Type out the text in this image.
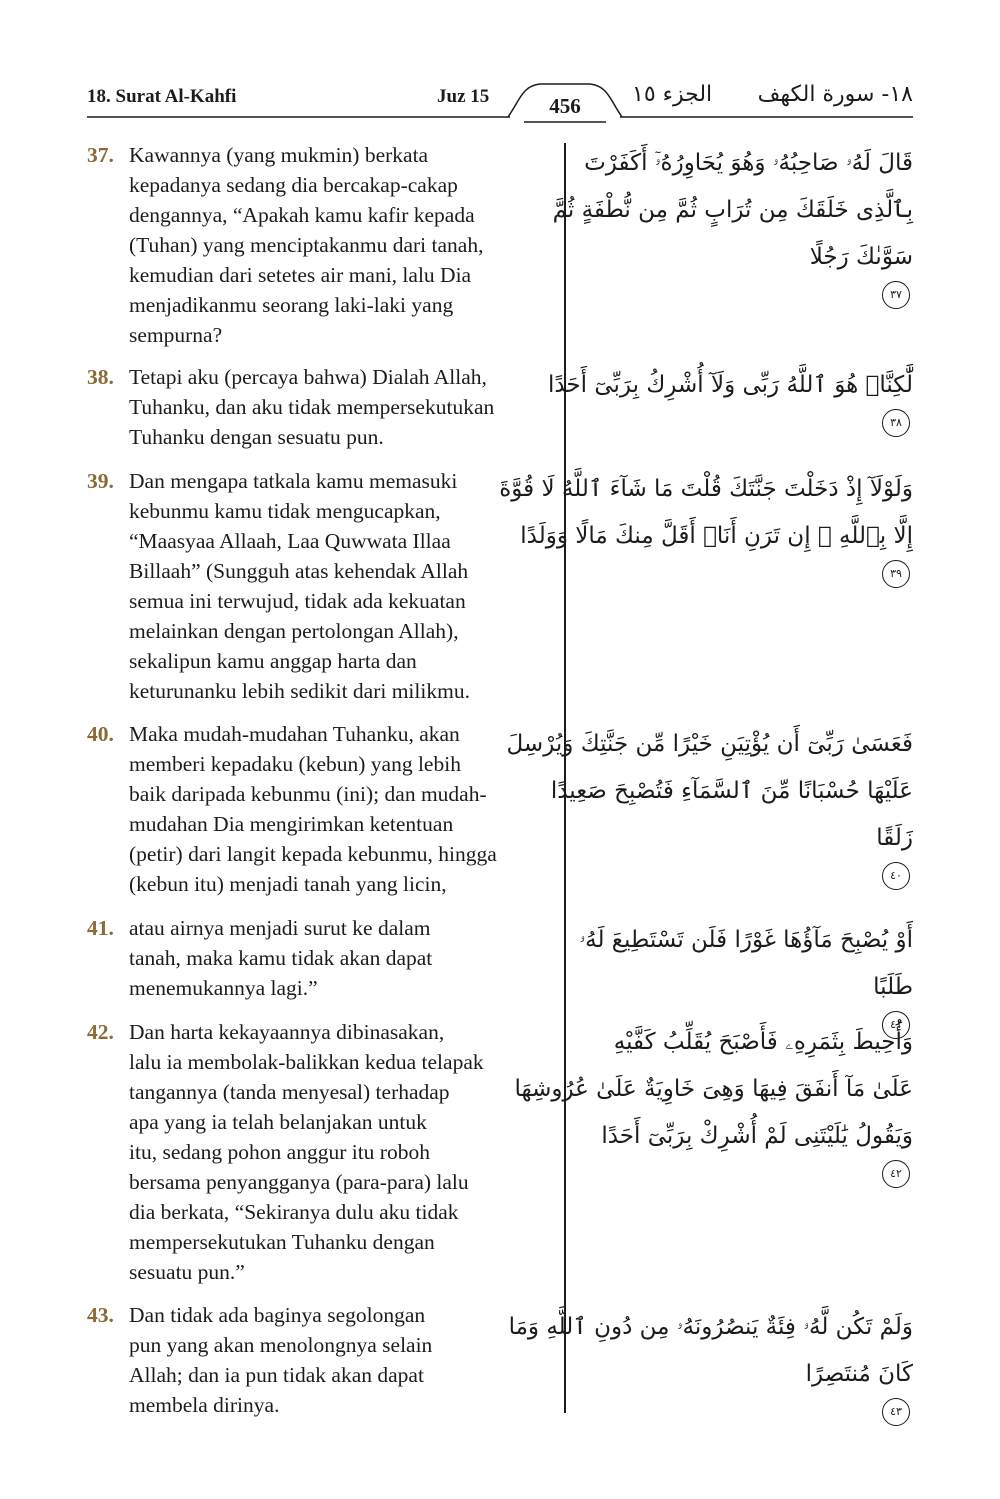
18. Surat Al-Kahfi	Juz 15	456	الجزء ١٥ ١٨- سورة الكهف
37. Kawannya (yang mukmin) berkata
kepadanya sedang dia bercakap-cakap
dengannya, “Apakah kamu kafir kepada
(Tuhan) yang menciptakanmu dari tanah,
kemudian dari setetes air mani, lalu Dia
menjadikanmu seorang laki-laki yang
sempurna?
قَالَ لَهُۥ صَاحِبُهُۥ وَهُوَ يُحَاوِرُهُۥٓ أَكَفَرْتَ
بِٱلَّذِى خَلَقَكَ مِن تُرَابٍ ثُمَّ مِن نُّطْفَةٍ ثُمَّ
سَوَّىٰكَ رَجُلًا
٣٧
38. Tetapi aku (percaya bahwa) Dialah Allah,
Tuhanku, dan aku tidak mempersekutukan
Tuhanku dengan sesuatu pun.
لَّٰكِنَّا۠ هُوَ ٱللَّهُ رَبِّى وَلَآ أُشْرِكُ بِرَبِّىٓ أَحَدًا
٣٨
39. Dan mengapa tatkala kamu memasuki
kebunmu kamu tidak mengucapkan,
“Maasyaa Allaah, Laa Quwwata Illaa
Billaah” (Sungguh atas kehendak Allah
semua ini terwujud, tidak ada kekuatan
melainkan dengan pertolongan Allah),
sekalipun kamu anggap harta dan
keturunanku lebih sedikit dari milikmu.
وَلَوْلَآ إِذْ دَخَلْتَ جَنَّتَكَ قُلْتَ مَا شَآءَ ٱللَّهُ لَا قُوَّةَ
إِلَّا بِٱللَّهِ ۚ إِن تَرَنِ أَنَا۠ أَقَلَّ مِنكَ مَالًا وَوَلَدًا
٣٩
40. Maka mudah-mudahan Tuhanku, akan
memberi kepadaku (kebun) yang lebih
baik daripada kebunmu (ini); dan mudah-
mudahan Dia mengirimkan ketentuan
(petir) dari langit kepada kebunmu, hingga
(kebun itu) menjadi tanah yang licin,
فَعَسَىٰ رَبِّىٓ أَن يُؤْتِيَنِ خَيْرًا مِّن جَنَّتِكَ وَيُرْسِلَ
عَلَيْهَا حُسْبَانًا مِّنَ ٱلسَّمَآءِ فَتُصْبِحَ صَعِيدًا
زَلَقًا
٤٠
41. atau airnya menjadi surut ke dalam
tanah, maka kamu tidak akan dapat
menemukannya lagi.”
أَوْ يُصْبِحَ مَآؤُهَا غَوْرًا فَلَن تَسْتَطِيعَ لَهُۥ
طَلَبًا
٤١
42. Dan harta kekayaannya dibinasakan,
lalu ia membolak-balikkan kedua telapak
tangannya (tanda menyesal) terhadap
apa yang ia telah belanjakan untuk
itu, sedang pohon anggur itu roboh
bersama penyangganya (para-para) lalu
dia berkata, “Sekiranya dulu aku tidak
mempersekutukan Tuhanku dengan
sesuatu pun.”
وَأُحِيطَ بِثَمَرِهِۦ فَأَصْبَحَ يُقَلِّبُ كَفَّيْهِ
عَلَىٰ مَآ أَنفَقَ فِيهَا وَهِىَ خَاوِيَةٌ عَلَىٰ عُرُوشِهَا
وَيَقُولُ يَٰلَيْتَنِى لَمْ أُشْرِكْ بِرَبِّىٓ أَحَدًا
٤٢
43. Dan tidak ada baginya segolongan
pun yang akan menolongnya selain
Allah; dan ia pun tidak akan dapat
membela dirinya.
وَلَمْ تَكُن لَّهُۥ فِئَةٌ يَنصُرُونَهُۥ مِن دُونِ ٱللَّهِ وَمَا
كَانَ مُنتَصِرًا
٤٣
